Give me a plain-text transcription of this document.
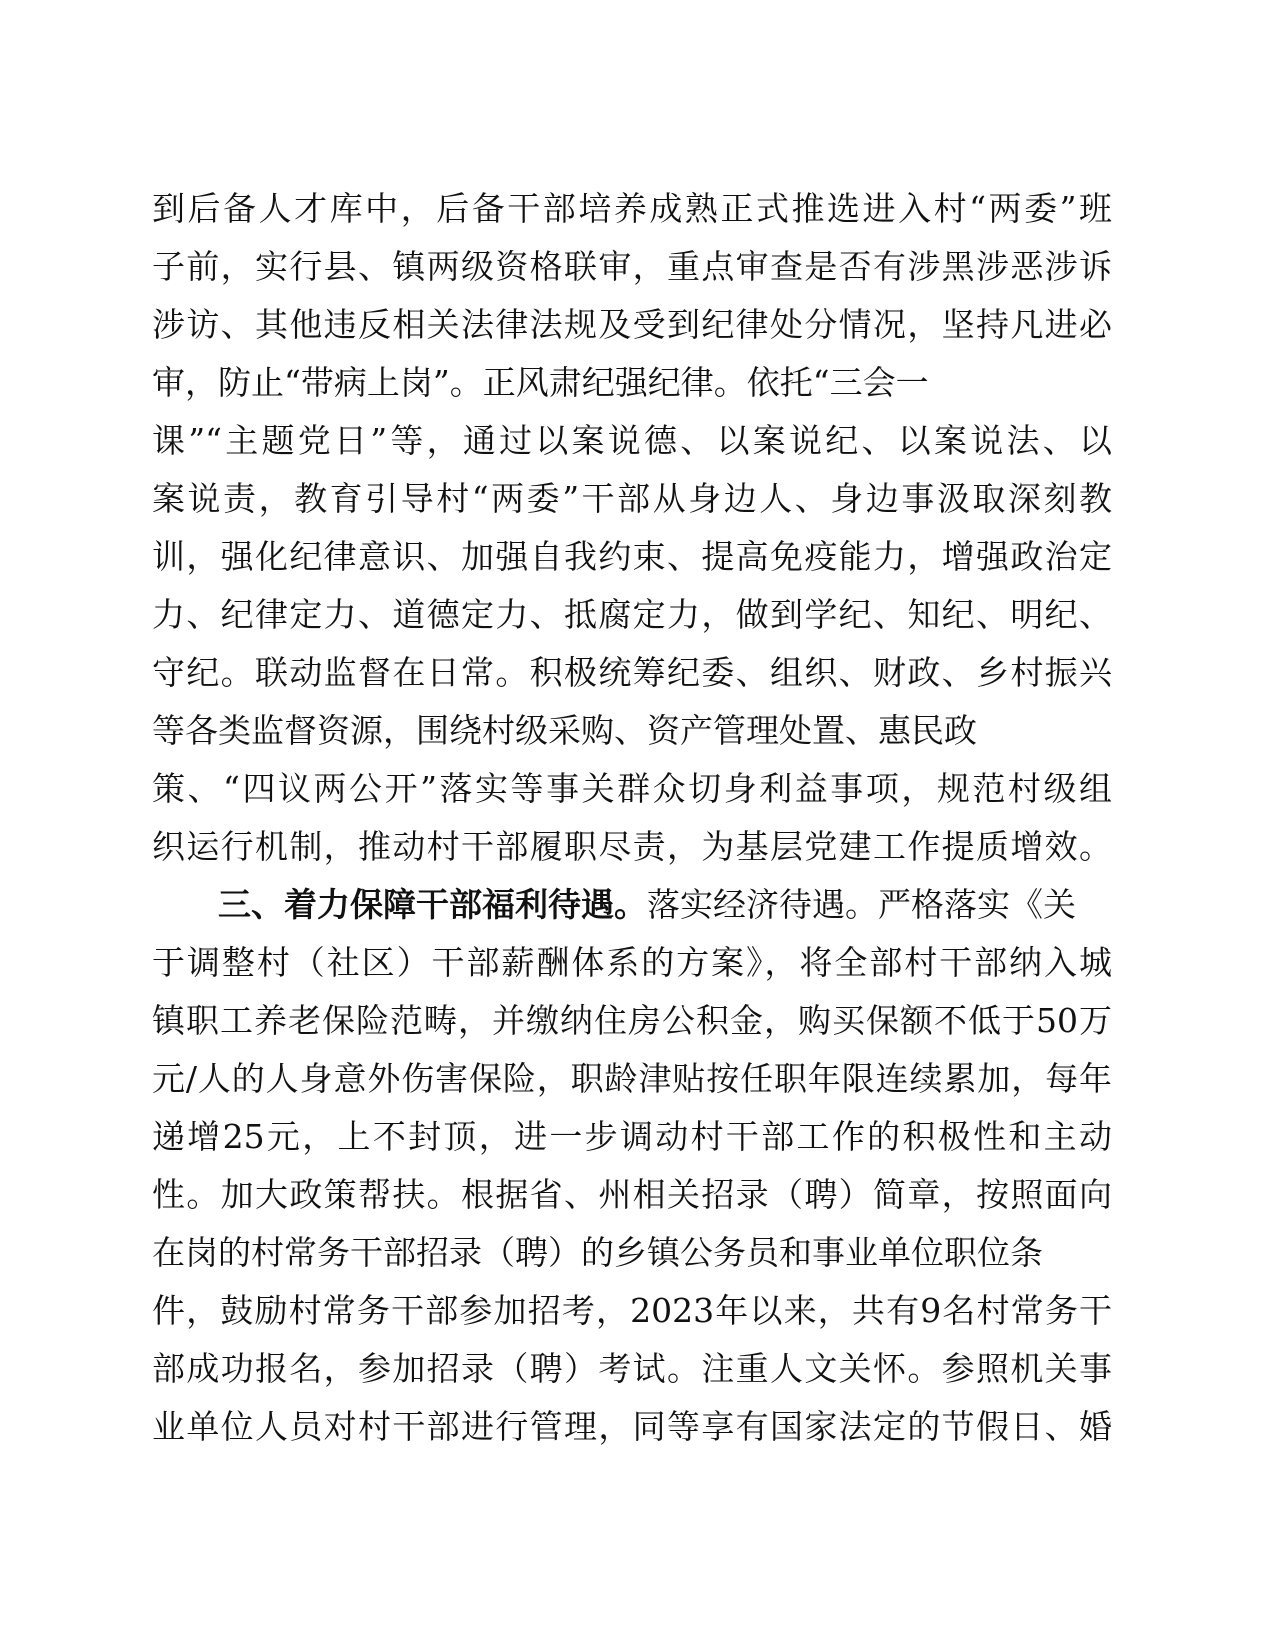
到后备人才库中，后备干部培养成熟正式推选进入村“两委”班
子前，实行县、镇两级资格联审，重点审查是否有涉黑涉恶涉诉
涉访、其他违反相关法律法规及受到纪律处分情况，坚持凡进必
审，防止“带病上岗”。正风肃纪强纪律。依托“三会一
课”“主题党日”等，通过以案说德、以案说纪、以案说法、以
案说责，教育引导村“两委”干部从身边人、身边事汲取深刻教
训，强化纪律意识、加强自我约束、提高免疫能力，增强政治定
力、纪律定力、道德定力、抵腐定力，做到学纪、知纪、明纪、
守纪。联动监督在日常。积极统筹纪委、组织、财政、乡村振兴
等各类监督资源，围绕村级采购、资产管理处置、惠民政
策、“四议两公开”落实等事关群众切身利益事项，规范村级组
织运行机制，推动村干部履职尽责，为基层党建工作提质增效。
三、着力保障干部福利待遇。落实经济待遇。严格落实《关
于调整村（社区）干部薪酬体系的方案》，将全部村干部纳入城
镇职工养老保险范畴，并缴纳住房公积金，购买保额不低于50万
元/人的人身意外伤害保险，职龄津贴按任职年限连续累加，每年
递增25元，上不封顶，进一步调动村干部工作的积极性和主动
性。加大政策帮扶。根据省、州相关招录（聘）简章，按照面向
在岗的村常务干部招录（聘）的乡镇公务员和事业单位职位条
件，鼓励村常务干部参加招考，2023年以来，共有9名村常务干
部成功报名，参加招录（聘）考试。注重人文关怀。参照机关事
业单位人员对村干部进行管理，同等享有国家法定的节假日、婚
